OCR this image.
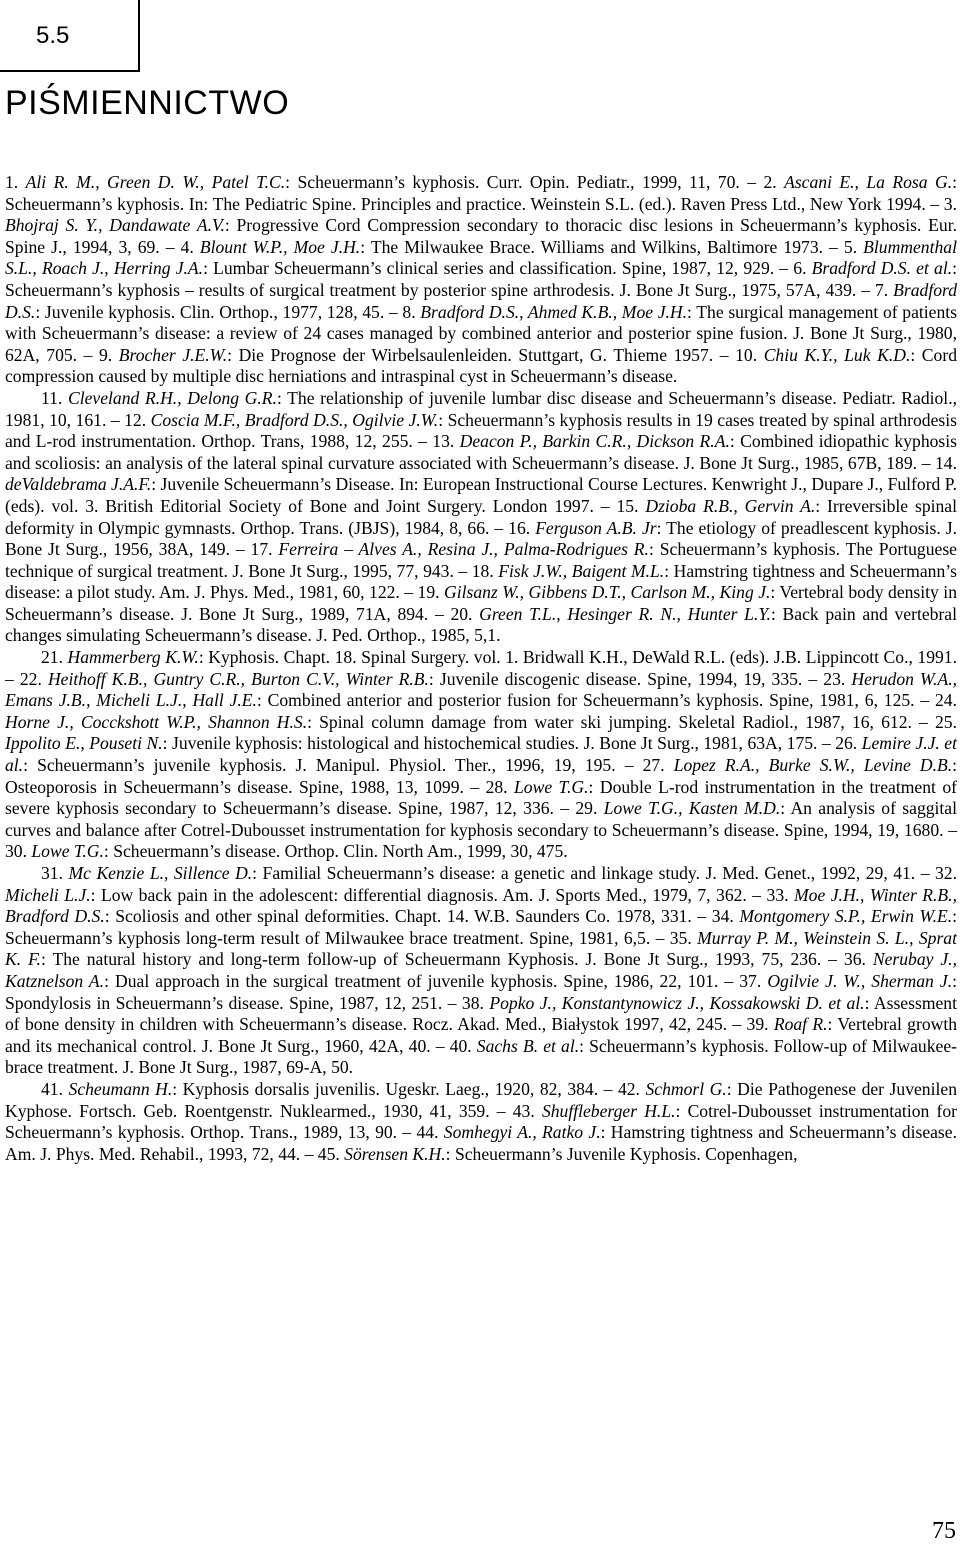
5.5
PIŚMIENNICTWO

1. Ali R. M., Green D. W., Patel T.C.: Scheuermann’s kyphosis. Curr. Opin. Pediatr., 1999, 11, 70. – 2. Ascani E., La Rosa G.: Scheuermann’s kyphosis. In: The Pediatric Spine. Principles and practice. Weinstein S.L. (ed.). Raven Press Ltd., New York 1994. – 3. Bhojraj S. Y., Dandawate A.V.: Progressive Cord Compression secondary to thoracic disc lesions in Scheuermann’s kyphosis. Eur. Spine J., 1994, 3, 69. – 4. Blount W.P., Moe J.H.: The Milwaukee Brace. Williams and Wilkins, Baltimore 1973. – 5. Blummenthal S.L., Roach J., Herring J.A.: Lumbar Scheuermann’s clinical series and classification. Spine, 1987, 12, 929. – 6. Bradford D.S. et al.: Scheuermann’s kyphosis – results of surgical treatment by posterior spine arthrodesis. J. Bone Jt Surg., 1975, 57A, 439. – 7. Bradford D.S.: Juvenile kyphosis. Clin. Orthop., 1977, 128, 45. – 8. Bradford D.S., Ahmed K.B., Moe J.H.: The surgical management of patients with Scheuermann’s disease: a review of 24 cases managed by combined anterior and posterior spine fusion. J. Bone Jt Surg., 1980, 62A, 705. – 9. Brocher J.E.W.: Die Prognose der Wirbelsaulenleiden. Stuttgart, G. Thieme 1957. – 10. Chiu K.Y., Luk K.D.: Cord compression caused by multiple disc herniations and intraspinal cyst in Scheuermann’s disease.

11. Cleveland R.H., Delong G.R.: The relationship of juvenile lumbar disc disease and Scheuermann’s disease. Pediatr. Radiol., 1981, 10, 161. – 12. Coscia M.F., Bradford D.S., Ogilvie J.W.: Scheuermann’s kyphosis results in 19 cases treated by spinal arthrodesis and L-rod instrumentation. Orthop. Trans, 1988, 12, 255. – 13. Deacon P., Barkin C.R., Dickson R.A.: Combined idiopathic kyphosis and scoliosis: an analysis of the lateral spinal curvature associated with Scheuermann’s disease. J. Bone Jt Surg., 1985, 67B, 189. – 14. deValdebrama J.A.F.: Juvenile Scheuermann’s Disease. In: European Instructional Course Lectures. Kenwright J., Dupare J., Fulford P. (eds). vol. 3. British Editorial Society of Bone and Joint Surgery. London 1997. – 15. Dzioba R.B., Gervin A.: Irreversible spinal deformity in Olympic gymnasts. Orthop. Trans. (JBJS), 1984, 8, 66. – 16. Ferguson A.B. Jr: The etiology of preadlescent kyphosis. J. Bone Jt Surg., 1956, 38A, 149. – 17. Ferreira – Alves A., Resina J., Palma-Rodrigues R.: Scheuermann’s kyphosis. The Portuguese technique of surgical treatment. J. Bone Jt Surg., 1995, 77, 943. – 18. Fisk J.W., Baigent M.L.: Hamstring tightness and Scheuermann’s disease: a pilot study. Am. J. Phys. Med., 1981, 60, 122. – 19. Gilsanz W., Gibbens D.T., Carlson M., King J.: Vertebral body density in Scheuermann’s disease. J. Bone Jt Surg., 1989, 71A, 894. – 20. Green T.L., Hesinger R. N., Hunter L.Y.: Back pain and vertebral changes simulating Scheuermann’s disease. J. Ped. Orthop., 1985, 5,1.

21. Hammerberg K.W.: Kyphosis. Chapt. 18. Spinal Surgery. vol. 1. Bridwall K.H., DeWald R.L. (eds). J.B. Lippincott Co., 1991. – 22. Heithoff K.B., Guntry C.R., Burton C.V., Winter R.B.: Juvenile discogenic disease. Spine, 1994, 19, 335. – 23. Herudon W.A., Emans J.B., Micheli L.J., Hall J.E.: Combined anterior and posterior fusion for Scheuermann’s kyphosis. Spine, 1981, 6, 125. – 24. Horne J., Cocckshott W.P., Shannon H.S.: Spinal column damage from water ski jumping. Skeletal Radiol., 1987, 16, 612. – 25. Ippolito E., Pouseti N.: Juvenile kyphosis: histological and histochemical studies. J. Bone Jt Surg., 1981, 63A, 175. – 26. Lemire J.J. et al.: Scheuermann’s juvenile kyphosis. J. Manipul. Physiol. Ther., 1996, 19, 195. – 27. Lopez R.A., Burke S.W., Levine D.B.: Osteoporosis in Scheuermann’s disease. Spine, 1988, 13, 1099. – 28. Lowe T.G.: Double L-rod instrumentation in the treatment of severe kyphosis secondary to Scheuermann’s disease. Spine, 1987, 12, 336. – 29. Lowe T.G., Kasten M.D.: An analysis of saggital curves and balance after Cotrel-Dubousset instrumentation for kyphosis secondary to Scheuermann’s disease. Spine, 1994, 19, 1680. – 30. Lowe T.G.: Scheuermann’s disease. Orthop. Clin. North Am., 1999, 30, 475.

31. Mc Kenzie L., Sillence D.: Familial Scheuermann’s disease: a genetic and linkage study. J. Med. Genet., 1992, 29, 41. – 32. Micheli L.J.: Low back pain in the adolescent: differential diagnosis. Am. J. Sports Med., 1979, 7, 362. – 33. Moe J.H., Winter R.B., Bradford D.S.: Scoliosis and other spinal deformities. Chapt. 14. W.B. Saunders Co. 1978, 331. – 34. Montgomery S.P., Erwin W.E.: Scheuermann’s kyphosis long-term result of Milwaukee brace treatment. Spine, 1981, 6,5. – 35. Murray P. M., Weinstein S. L., Sprat K. F.: The natural history and long-term follow-up of Scheuermann Kyphosis. J. Bone Jt Surg., 1993, 75, 236. – 36. Nerubay J., Katznelson A.: Dual approach in the surgical treatment of juvenile kyphosis. Spine, 1986, 22, 101. – 37. Ogilvie J. W., Sherman J.: Spondylosis in Scheuermann’s disease. Spine, 1987, 12, 251. – 38. Popko J., Konstantynowicz J., Kossakowski D. et al.: Assessment of bone density in children with Scheuermann’s disease. Rocz. Akad. Med., Białystok 1997, 42, 245. – 39. Roaf R.: Vertebral growth and its mechanical control. J. Bone Jt Surg., 1960, 42A, 40. – 40. Sachs B. et al.: Scheuermann’s kyphosis. Follow-up of Milwaukee-brace treatment. J. Bone Jt Surg., 1987, 69-A, 50.

41. Scheumann H.: Kyphosis dorsalis juvenilis. Ugeskr. Laeg., 1920, 82, 384. – 42. Schmorl G.: Die Pathogenese der Juvenilen Kyphose. Fortsch. Geb. Roentgenstr. Nuklearmed., 1930, 41, 359. – 43. Shuffleberger H.L.: Cotrel-Dubousset instrumentation for Scheuermann’s kyphosis. Orthop. Trans., 1989, 13, 90. – 44. Somhegyi A., Ratko J.: Hamstring tightness and Scheuermann’s disease. Am. J. Phys. Med. Rehabil., 1993, 72, 44. – 45. Sörensen K.H.: Scheuermann’s Juvenile Kyphosis. Copenhagen,

75
